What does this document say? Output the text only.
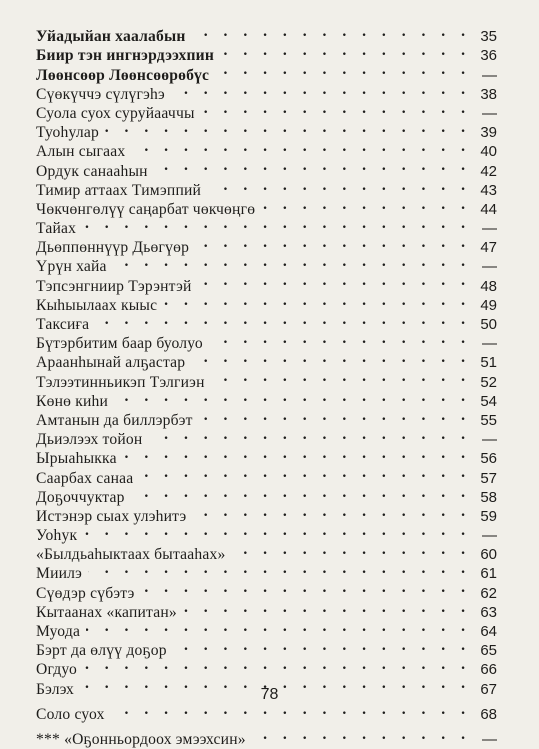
Уйадыйан хаалабын . . .	35
Биир тэн ингнэрдээхпин . . .	36
Лөөнсөөр Лөөнсөөрөбүс . . .	—
Сүөкүччэ сүлүгэһэ . . .	38
Суола суох суруйааччы . . .	—
Туоһулар . . .	39
Алын сыгаах . . .	40
Ордук санааһын . . .	42
Тимир аттаах Тимэппий . . .	43
Чөкчөнгөлүү саңарбат чөкчөңгө . . .	44
Тайах . . .	—
Дьөппөннүүр Дьөгүөр . . .	47
Үрүн хайа . . .	—
Тэпсэнгниир Тэрэнтэй . . .	48
Кыһыылаах кыыс . . .	49
Таксиға . . .	50
Бүтэрбитим баар буолуо . . .	—
Араанһынай алҕастар . . .	51
Тэлээтинньикэп Тэлгиэн . . .	52
Көнө киһи . . .	54
Амтанын да биллэрбэт . . .	55
Дьиэлээх тойон . . .	—
Ырыаһыкка . . .	56
Саарбах санаа . . .	57
Доҕоччуктар . . .	58
Истэнэр сыах улэһитэ . . .	59
Уоһук . . .	—
«Былдьаһыктаах бытааһах» . . .	60
Миилэ . . .	61
Сүөдэр сүбэтэ . . .	62
Кытаанах «капитан» . . .	63
Муода . . .	64
Бэрт да өлүү доҕор . . .	65
Огдуо . . .	66
Бэлэх . . .	67
Соло суох . . .	68
*** «Оҕонньордоох эмээхсин» . . .	—
78
